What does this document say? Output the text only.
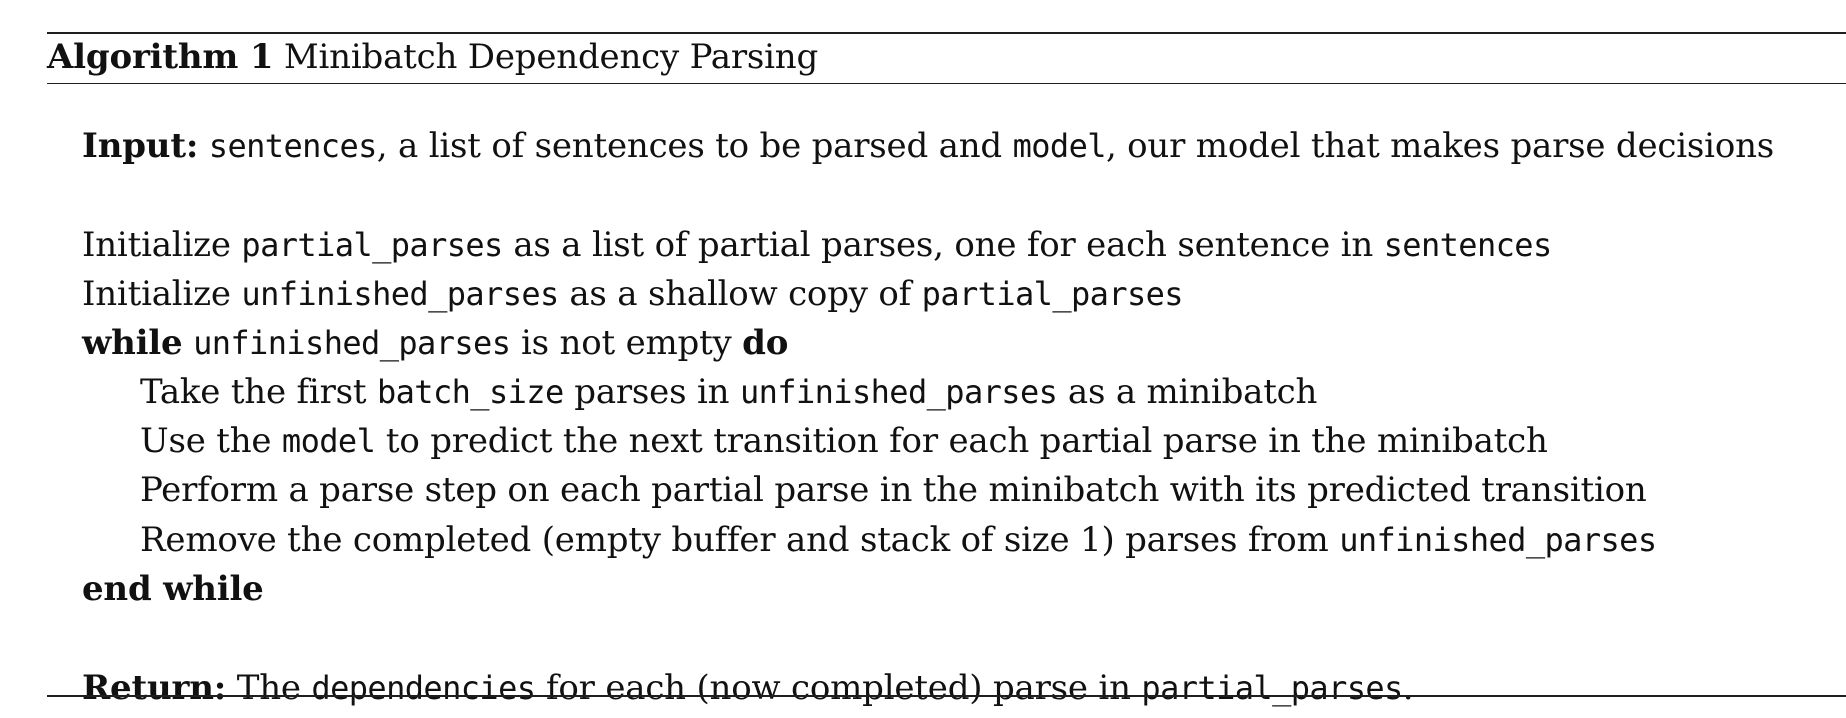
Algorithm 1 Minibatch Dependency Parsing
Input: sentences, a list of sentences to be parsed and model, our model that makes parse decisions
Initialize partial_parses as a list of partial parses, one for each sentence in sentences
Initialize unfinished_parses as a shallow copy of partial_parses
while unfinished_parses is not empty do
Take the first batch_size parses in unfinished_parses as a minibatch
Use the model to predict the next transition for each partial parse in the minibatch
Perform a parse step on each partial parse in the minibatch with its predicted transition
Remove the completed (empty buffer and stack of size 1) parses from unfinished_parses
end while
Return: The dependencies for each (now completed) parse in partial_parses.
